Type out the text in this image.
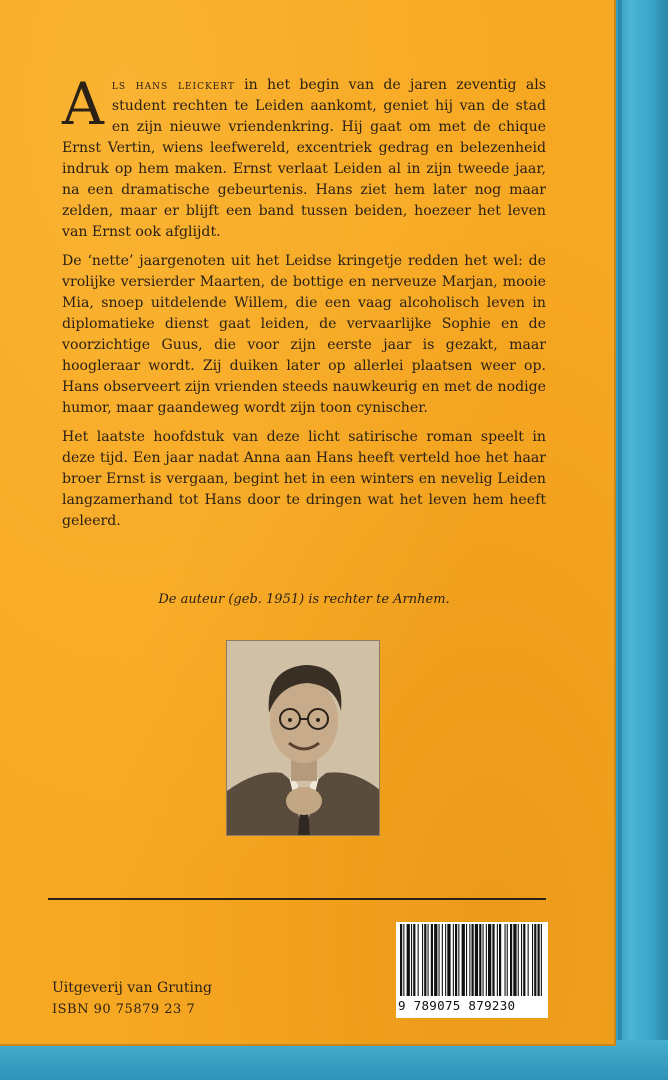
Als hans leickert in het begin van de jaren zeventig als student rechten te Leiden aankomt, geniet hij van de stad en zijn nieuwe vriendenkring. Hij gaat om met de chique Ernst Vertin, wiens leefwereld, excentriek gedrag en belezenheid indruk op hem maken. Ernst verlaat Leiden al in zijn tweede jaar, na een dramatische gebeurtenis. Hans ziet hem later nog maar zelden, maar er blijft een band tussen beiden, hoezeer het leven van Ernst ook afglijdt.

De ‘nette’ jaargenoten uit het Leidse kringetje redden het wel: de vrolijke versierder Maarten, de bottige en nerveuze Marjan, mooie Mia, snoep uitdelende Willem, die een vaag alcoholisch leven in diplomatieke dienst gaat leiden, de vervaarlijke Sophie en de voorzichtige Guus, die voor zijn eerste jaar is gezakt, maar hoogleraar wordt. Zij duiken later op allerlei plaatsen weer op. Hans observeert zijn vrienden steeds nauwkeurig en met de nodige humor, maar gaandeweg wordt zijn toon cynischer.

Het laatste hoofdstuk van deze licht satirische roman speelt in deze tijd. Een jaar nadat Anna aan Hans heeft verteld hoe het haar broer Ernst is vergaan, begint het in een winters en nevelig Leiden langzamerhand tot Hans door te dringen wat het leven hem heeft geleerd.

De auteur (geb. 1951) is rechter te Arnhem.
Uitgeverij van Gruting
ISBN 90 75879 23 7	9 789075 879230
